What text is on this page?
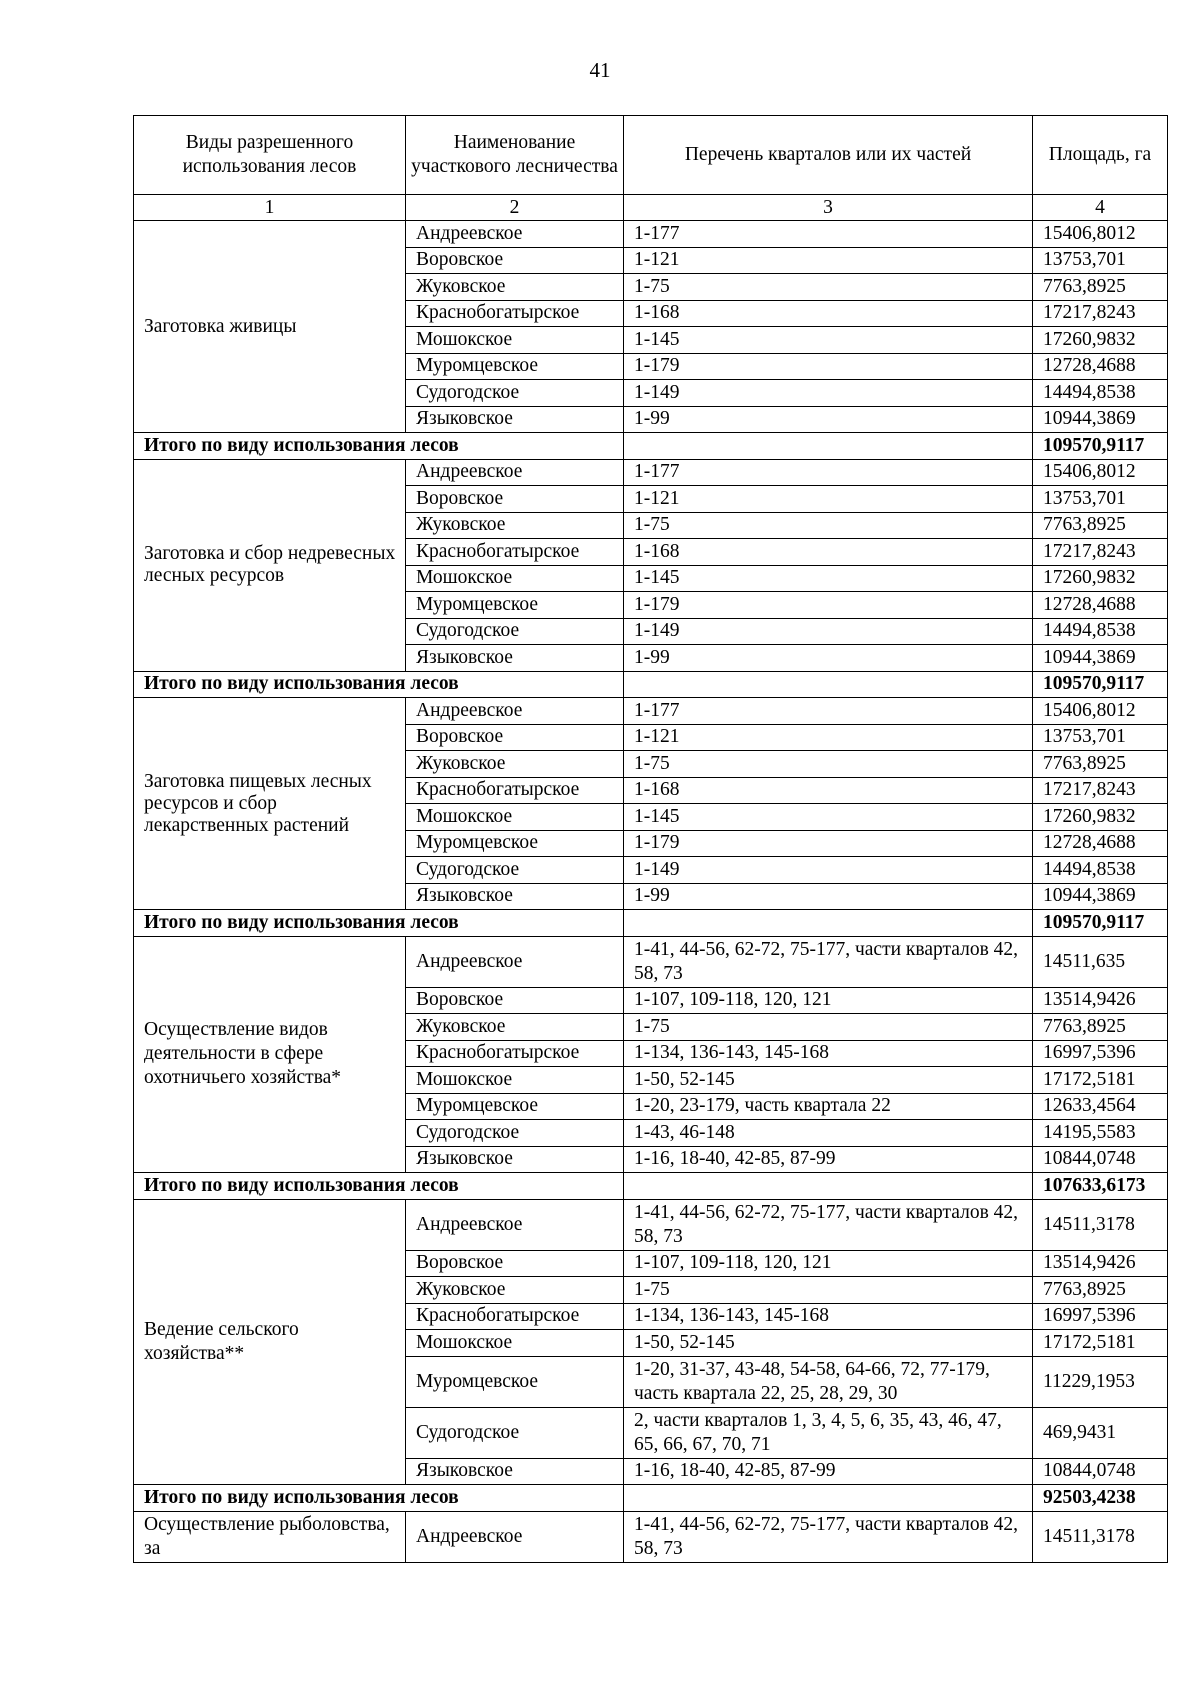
41
Виды разрешенного использования лесов	Наименование участкового лесничества	Перечень кварталов или их частей	Площадь, га
1	2	3	4
Заготовка живицы	Андреевское	1-177	15406,8012
	Воровское	1-121	13753,701
	Жуковское	1-75	7763,8925
	Краснобогатырское	1-168	17217,8243
	Мошокское	1-145	17260,9832
	Муромцевское	1-179	12728,4688
	Судогодское	1-149	14494,8538
	Языковское	1-99	10944,3869
Итого по виду использования лесов			109570,9117
Заготовка и сбор недревесных лесных ресурсов	Андреевское	1-177	15406,8012
	Воровское	1-121	13753,701
	Жуковское	1-75	7763,8925
	Краснобогатырское	1-168	17217,8243
	Мошокское	1-145	17260,9832
	Муромцевское	1-179	12728,4688
	Судогодское	1-149	14494,8538
	Языковское	1-99	10944,3869
Итого по виду использования лесов			109570,9117
Заготовка пищевых лесных ресурсов и сбор лекарственных растений	Андреевское	1-177	15406,8012
	Воровское	1-121	13753,701
	Жуковское	1-75	7763,8925
	Краснобогатырское	1-168	17217,8243
	Мошокское	1-145	17260,9832
	Муромцевское	1-179	12728,4688
	Судогодское	1-149	14494,8538
	Языковское	1-99	10944,3869
Итого по виду использования лесов			109570,9117
Осуществление видов деятельности в сфере охотничьего хозяйства*	Андреевское	1-41, 44-56, 62-72, 75-177, части кварталов 42, 58, 73	14511,635
	Воровское	1-107, 109-118, 120, 121	13514,9426
	Жуковское	1-75	7763,8925
	Краснобогатырское	1-134, 136-143, 145-168	16997,5396
	Мошокское	1-50, 52-145	17172,5181
	Муромцевское	1-20, 23-179, часть квартала 22	12633,4564
	Судогодское	1-43, 46-148	14195,5583
	Языковское	1-16, 18-40, 42-85, 87-99	10844,0748
Итого по виду использования лесов			107633,6173
Ведение сельского хозяйства**	Андреевское	1-41, 44-56, 62-72, 75-177, части кварталов 42, 58, 73	14511,3178
	Воровское	1-107, 109-118, 120, 121	13514,9426
	Жуковское	1-75	7763,8925
	Краснобогатырское	1-134, 136-143, 145-168	16997,5396
	Мошокское	1-50, 52-145	17172,5181
	Муромцевское	1-20, 31-37, 43-48, 54-58, 64-66, 72, 77-179, часть квартала 22, 25, 28, 29, 30	11229,1953
	Судогодское	2, части кварталов 1, 3, 4, 5, 6, 35, 43, 46, 47, 65, 66, 67, 70, 71	469,9431
	Языковское	1-16, 18-40, 42-85, 87-99	10844,0748
Итого по виду использования лесов			92503,4238
Осуществление рыболовства, за	Андреевское	1-41, 44-56, 62-72, 75-177, части кварталов 42, 58, 73	14511,3178
